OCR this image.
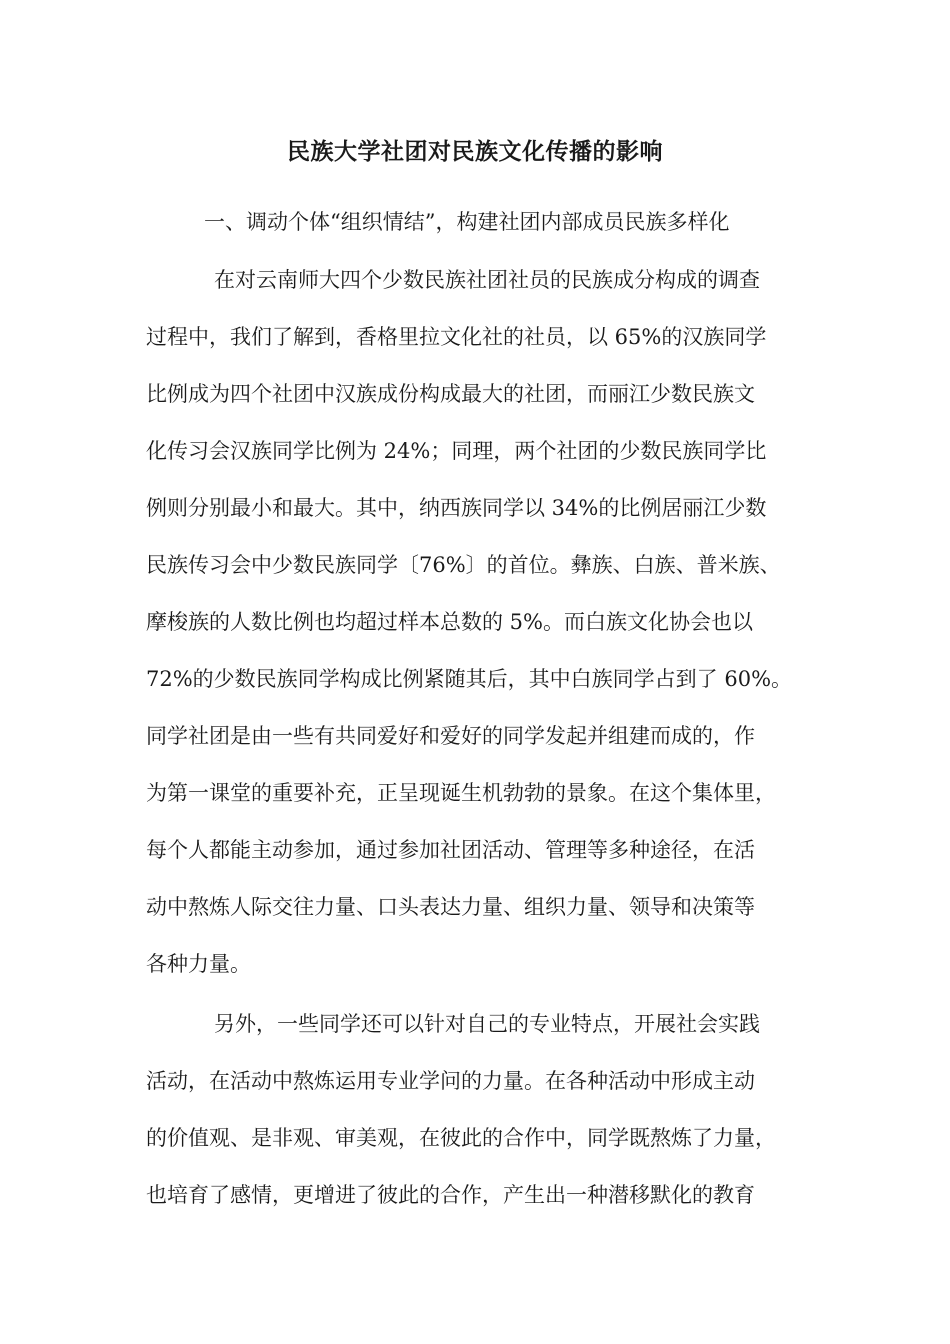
民族大学社团对民族文化传播的影响
一、调动个体“组织情结”，构建社团内部成员民族多样化
在对云南师大四个少数民族社团社员的民族成分构成的调查
过程中，我们了解到，香格里拉文化社的社员，以 65%的汉族同学
比例成为四个社团中汉族成份构成最大的社团，而丽江少数民族文
化传习会汉族同学比例为 24%；同理，两个社团的少数民族同学比
例则分别最小和最大。其中，纳西族同学以 34%的比例居丽江少数
民族传习会中少数民族同学〔76%〕的首位。彝族、白族、普米族、
摩梭族的人数比例也均超过样本总数的 5%。而白族文化协会也以
72%的少数民族同学构成比例紧随其后，其中白族同学占到了 60%。
同学社团是由一些有共同爱好和爱好的同学发起并组建而成的，作
为第一课堂的重要补充，正呈现诞生机勃勃的景象。在这个集体里，
每个人都能主动参加，通过参加社团活动、管理等多种途径，在活
动中熬炼人际交往力量、口头表达力量、组织力量、领导和决策等
各种力量。
另外，一些同学还可以针对自己的专业特点，开展社会实践
活动，在活动中熬炼运用专业学问的力量。在各种活动中形成主动
的价值观、是非观、审美观，在彼此的合作中，同学既熬炼了力量，
也培育了感情，更增进了彼此的合作，产生出一种潜移默化的教育
